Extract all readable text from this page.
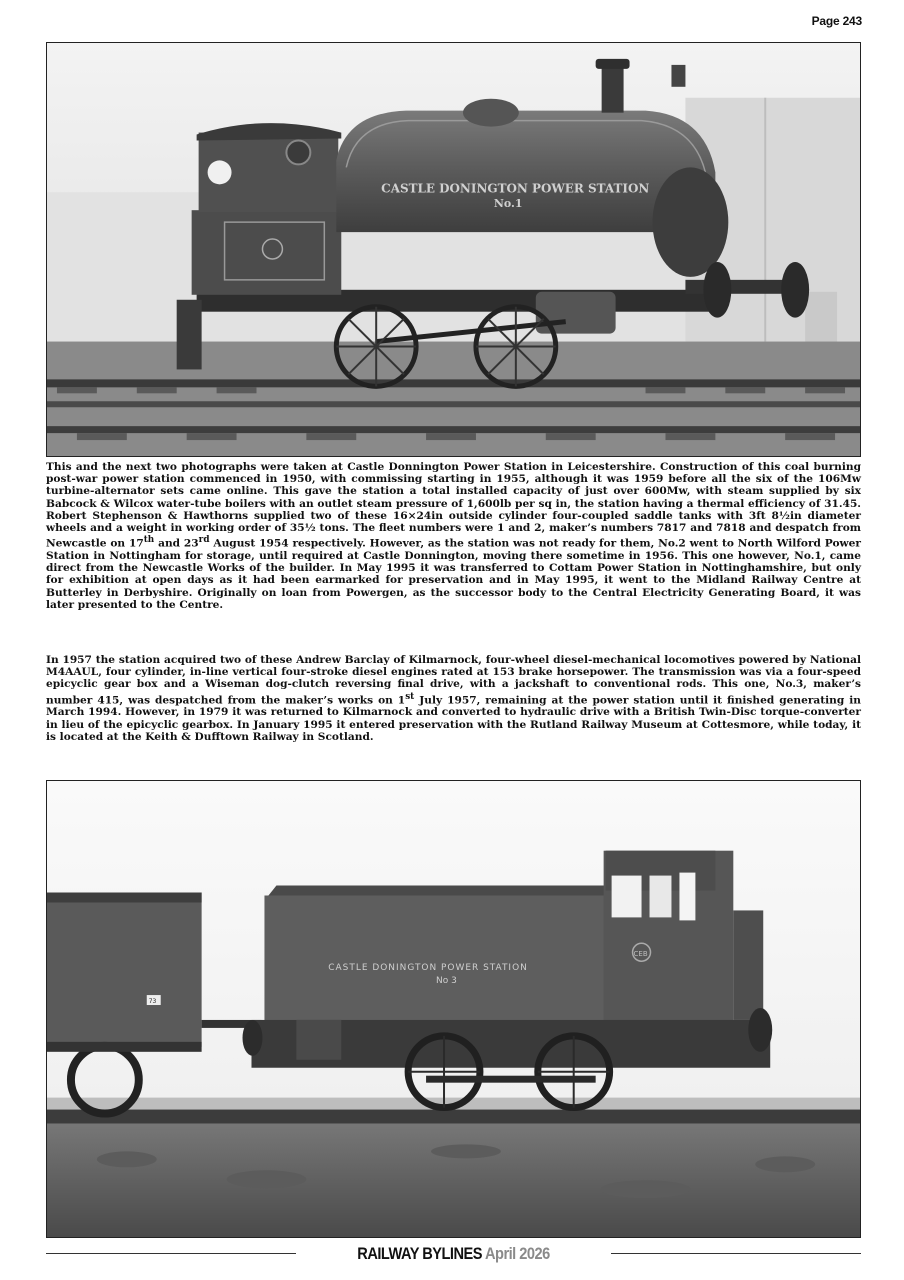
Page 243
CASTLE DONINGTON POWER STATION
No.1

This and the next two photographs were taken at Castle Donnington Power Station in Leicestershire. Construction of this coal burning post-war power station commenced in 1950, with commissing starting in 1955, although it was 1959 before all the six of the 106Mw turbine-alternator sets came online. This gave the station a total installed capacity of just over 600Mw, with steam supplied by six Babcock & Wilcox water-tube boilers with an outlet steam pressure of 1,600lb per sq in, the station having a thermal efficiency of 31.45. Robert Stephenson & Hawthorns supplied two of these 16×24in outside cylinder four-coupled saddle tanks with 3ft 8½in diameter wheels and a weight in working order of 35½ tons. The fleet numbers were 1 and 2, maker’s numbers 7817 and 7818 and despatch from Newcastle on 17th and 23rd August 1954 respectively. However, as the station was not ready for them, No.2 went to North Wilford Power Station in Nottingham for storage, until required at Castle Donnington, moving there sometime in 1956. This one however, No.1, came direct from the Newcastle Works of the builder. In May 1995 it was transferred to Cottam Power Station in Nottinghamshire, but only for exhibition at open days as it had been earmarked for preservation and in May 1995, it went to the Midland Railway Centre at Butterley in Derbyshire. Originally on loan from Powergen, as the successor body to the Central Electricity Generating Board, it was later presented to the Centre.

In 1957 the station acquired two of these Andrew Barclay of Kilmarnock, four-wheel diesel-mechanical locomotives powered by National M4AAUL, four cylinder, in-line vertical four-stroke diesel engines rated at 153 brake horsepower. The transmission was via a four-speed epicyclic gear box and a Wiseman dog-clutch reversing final drive, with a jackshaft to conventional rods. This one, No.3, maker’s number 415, was despatched from the maker’s works on 1st July 1957, remaining at the power station until it finished generating in March 1994. However, in 1979 it was returned to Kilmarnock and converted to hydraulic drive with a British Twin-Disc torque-converter in lieu of the epicyclic gearbox. In January 1995 it entered preservation with the Rutland Railway Museum at Cottesmore, while today, it is located at the Keith & Dufftown Railway in Scotland.

73
CASTLE DONINGTON POWER STATION
No 3
CEB
RAILWAY BYLINES April 2026
